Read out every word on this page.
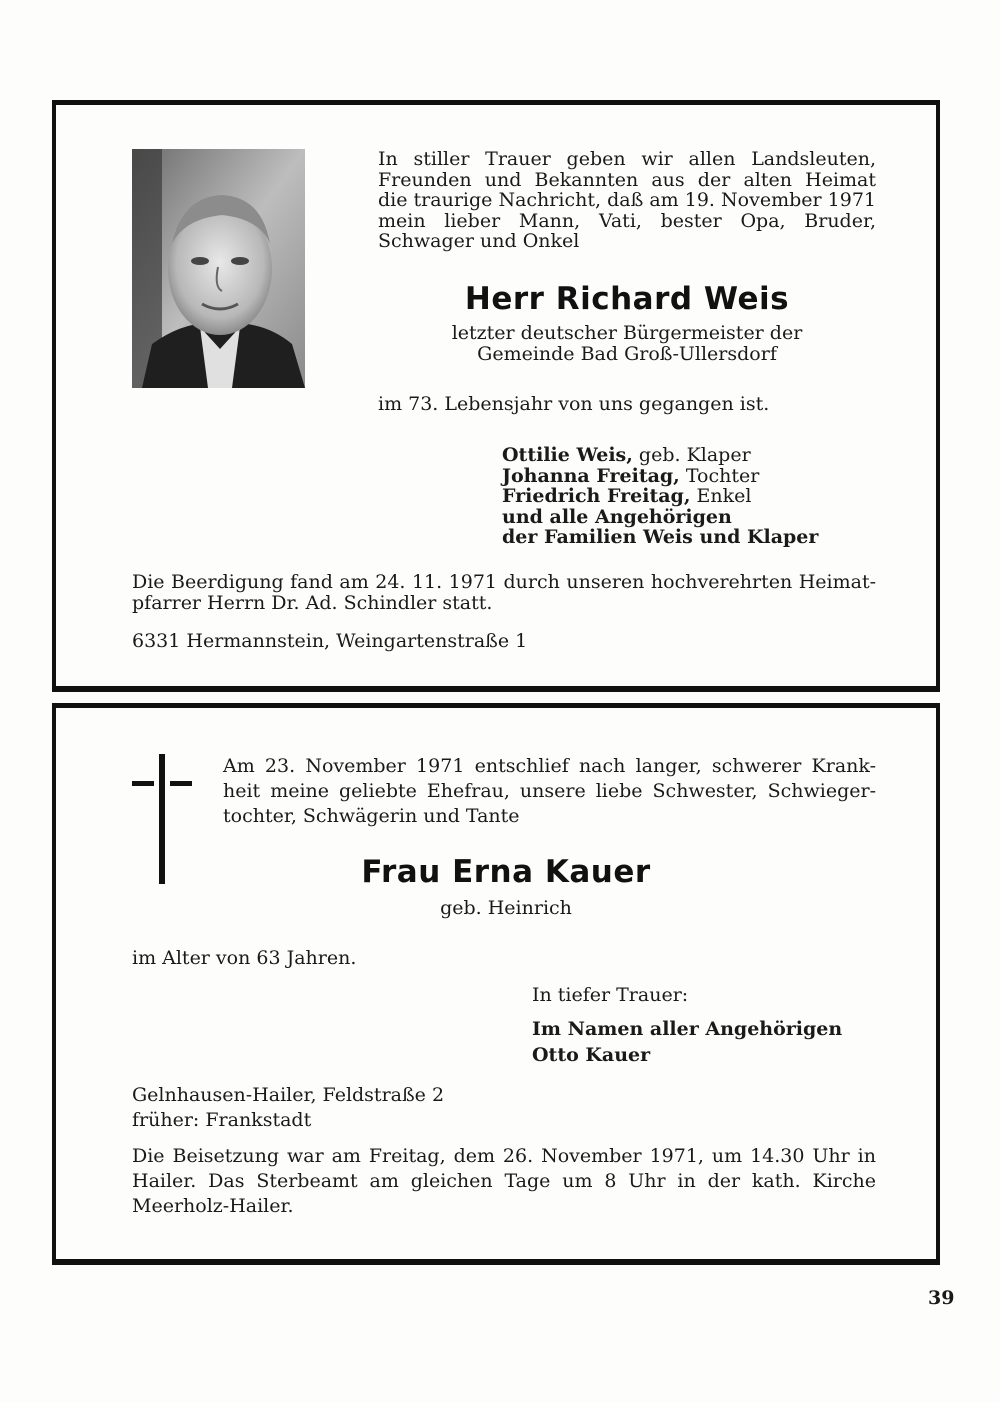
In stiller Trauer geben wir allen Landsleuten,
Freunden und Bekannten aus der alten Heimat
die traurige Nachricht, daß am 19. November 1971
mein lieber Mann, Vati, bester Opa, Bruder,
Schwager und Onkel
Herr Richard Weis
letzter deutscher Bürgermeister der
Gemeinde Bad Groß-Ullersdorf
im 73. Lebensjahr von uns gegangen ist.
Ottilie Weis, geb. Klaper
Johanna Freitag, Tochter
Friedrich Freitag, Enkel
und alle Angehörigen
der Familien Weis und Klaper
Die Beerdigung fand am 24. 11. 1971 durch unseren hochverehrten Heimat-
pfarrer Herrn Dr. Ad. Schindler statt.
6331 Hermannstein, Weingartenstraße 1
Am 23. November 1971 entschlief nach langer, schwerer Krank-
heit meine geliebte Ehefrau, unsere liebe Schwester, Schwieger-
tochter, Schwägerin und Tante
Frau Erna Kauer
geb. Heinrich
im Alter von 63 Jahren.
In tiefer Trauer:
Im Namen aller Angehörigen
Otto Kauer
Gelnhausen-Hailer, Feldstraße 2
früher: Frankstadt
Die Beisetzung war am Freitag, dem 26. November 1971, um 14.30 Uhr in
Hailer. Das Sterbeamt am gleichen Tage um 8 Uhr in der kath. Kirche
Meerholz-Hailer.
39
